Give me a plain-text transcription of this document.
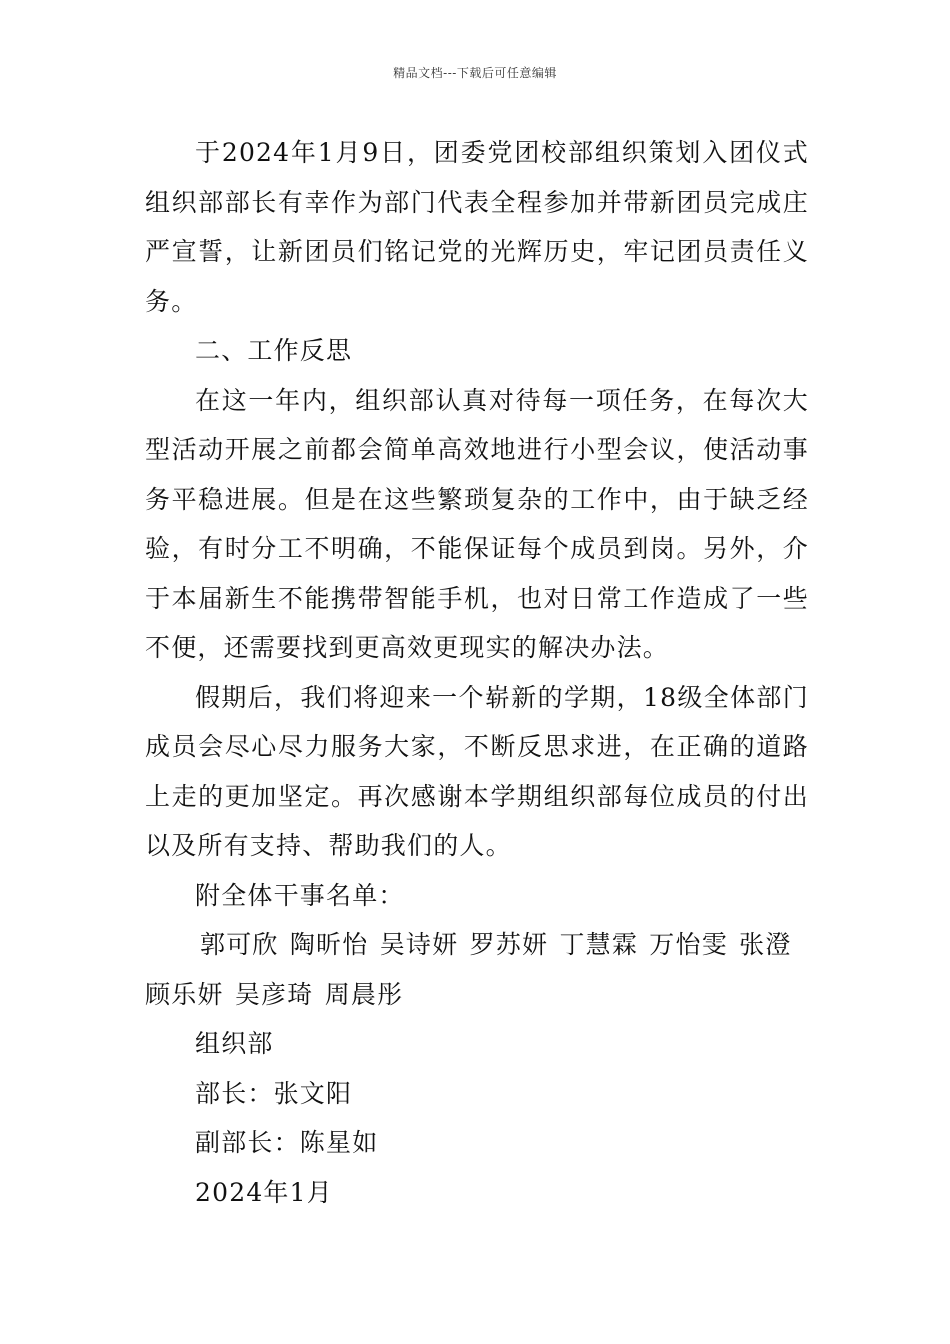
精品文档---下载后可任意编辑

于2024年1月9日，团委党团校部组织策划入团仪式组织部部长有幸作为部门代表全程参加并带新团员完成庄严宣誓，让新团员们铭记党的光辉历史，牢记团员责任义务。

二、工作反思

在这一年内，组织部认真对待每一项任务，在每次大型活动开展之前都会简单高效地进行小型会议，使活动事务平稳进展。但是在这些繁琐复杂的工作中，由于缺乏经验，有时分工不明确，不能保证每个成员到岗。另外，介于本届新生不能携带智能手机，也对日常工作造成了一些不便，还需要找到更高效更现实的解决办法。

假期后，我们将迎来一个崭新的学期，18级全体部门成员会尽心尽力服务大家，不断反思求进，在正确的道路上走的更加坚定。再次感谢本学期组织部每位成员的付出以及所有支持、帮助我们的人。

附全体干事名单：

郭可欣 陶昕怡 吴诗妍 罗苏妍 丁慧霖 万怡雯 张澄顾乐妍 吴彦琦 周晨彤

组织部

部长：张文阳

副部长：陈星如

2024年1月
